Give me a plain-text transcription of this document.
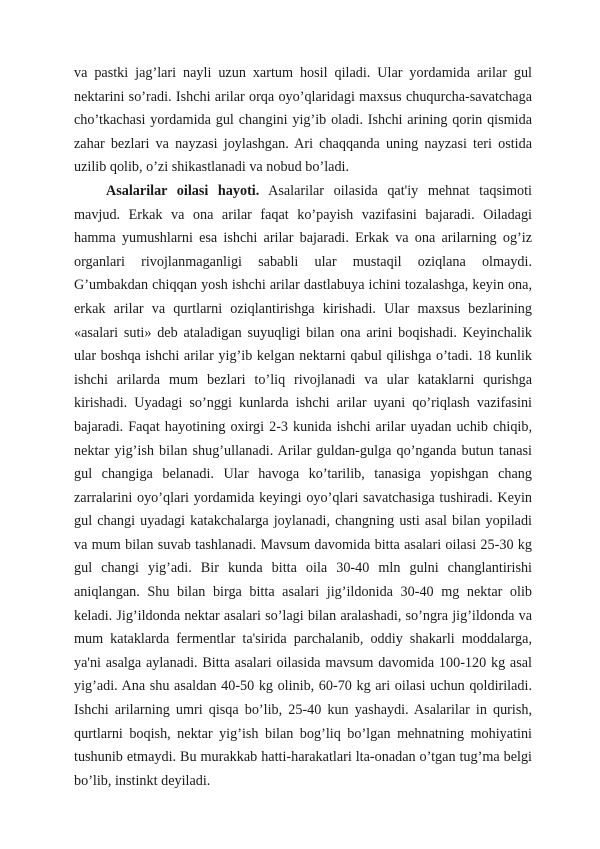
va pastki jag’lari nayli uzun xartum hosil qiladi. Ular yordamida arilar gul nektarini so’radi. Ishchi arilar orqa oyo’qlaridagi maxsus chuqurcha-savatchaga cho’tkachasi yordamida gul changini yig’ib oladi. Ishchi arining qorin qismida zahar bezlari va nayzasi joylashgan. Ari chaqqanda uning nayzasi teri ostida uzilib qolib, o’zi shikastlanadi va nobud bo’ladi.

Asalarilar oilasi hayoti. Asalarilar oilasida qat'iy mehnat taqsimoti mavjud. Erkak va ona arilar faqat ko’payish vazifasini bajaradi. Oiladagi hamma yumushlarni esa ishchi arilar bajaradi. Erkak va ona arilarning og’iz organlari rivojlanmaganligi sababli ular mustaqil oziqlana olmaydi. G’umbakdan chiqqan yosh ishchi arilar dastlabuya ichini tozalashga, keyin ona, erkak arilar va qurtlarni oziqlantirishga kirishadi. Ular maxsus bezlarining «asalari suti» deb ataladigan suyuqligi bilan ona arini boqishadi. Keyinchalik ular boshqa ishchi arilar yig’ib kelgan nektarni qabul qilishga o’tadi. 18 kunlik ishchi arilarda mum bezlari to’liq rivojlanadi va ular kataklarni qurishga kirishadi. Uyadagi so’nggi kunlarda ishchi arilar uyani qo’riqlash vazifasini bajaradi. Faqat hayotining oxirgi 2-3 kunida ishchi arilar uyadan uchib chiqib, nektar yig’ish bilan shug’ullanadi. Arilar guldan-gulga qo’nganda butun tanasi gul changiga belanadi. Ular havoga ko’tarilib, tanasiga yopishgan chang zarralarini oyo’qlari yordamida keyingi oyo’qlari savatchasiga tushiradi. Keyin gul changi uyadagi katakchalarga joylanadi, changning usti asal bilan yopiladi va mum bilan suvab tashlanadi. Mavsum davomida bitta asalari oilasi 25-30 kg gul changi yig’adi. Bir kunda bitta oila 30-40 mln gulni changlantirishi aniqlangan. Shu bilan birga bitta asalari jig’ildonida 30-40 mg nektar olib keladi. Jig’ildonda nektar asalari so’lagi bilan aralashadi, so’ngra jig’ildonda va mum kataklarda fermentlar ta'sirida parchalanib, oddiy shakarli moddalarga, ya'ni asalga aylanadi. Bitta asalari oilasida mavsum davomida 100-120 kg asal yig’adi. Ana shu asaldan 40-50 kg olinib, 60-70 kg ari oilasi uchun qoldiriladi. Ishchi arilarning umri qisqa bo’lib, 25-40 kun yashaydi. Asalarilar in qurish, qurtlarni boqish, nektar yig’ish bilan bog’liq bo’lgan mehnatning mohiyatini tushunib etmaydi. Bu murakkab hatti-harakatlari lta-onadan o’tgan tug’ma belgi bo’lib, instinkt deyiladi.
